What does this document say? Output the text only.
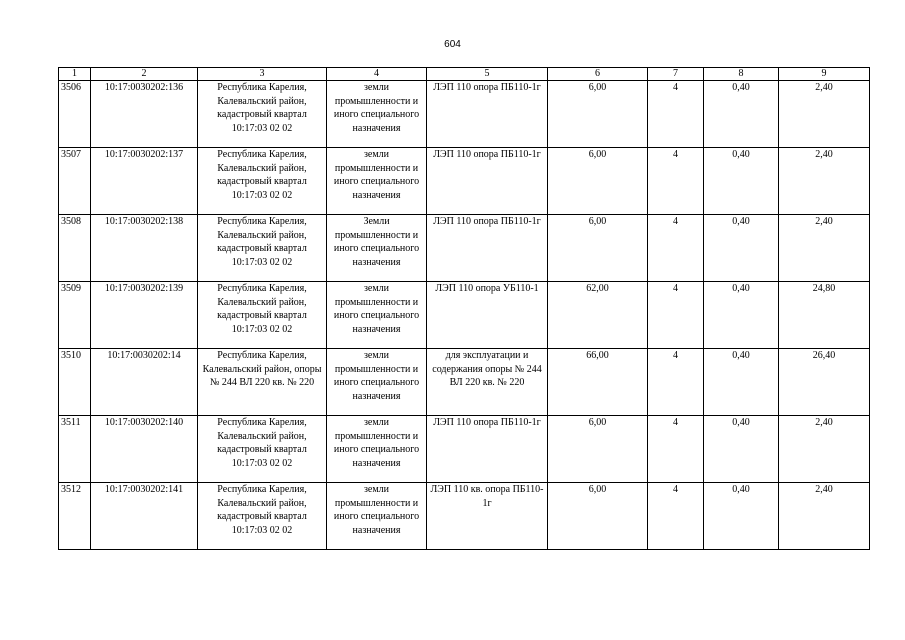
604
1	2	3	4	5	6	7	8	9
3506	10:17:0030202:136	Республика Карелия, Калевальский район, кадастровый квартал 10:17:03 02 02	земли промышленности и иного специального назначения	ЛЭП 110 опора ПБ110-1г	6,00	4	0,40	2,40
3507	10:17:0030202:137	Республика Карелия, Калевальский район, кадастровый квартал 10:17:03 02 02	земли промышленности и иного специального назначения	ЛЭП 110 опора ПБ110-1г	6,00	4	0,40	2,40
3508	10:17:0030202:138	Республика Карелия, Калевальский район, кадастровый квартал 10:17:03 02 02	Земли промышленности и иного специального назначения	ЛЭП 110 опора ПБ110-1г	6,00	4	0,40	2,40
3509	10:17:0030202:139	Республика Карелия, Калевальский район, кадастровый квартал 10:17:03 02 02	земли промышленности и иного специального назначения	ЛЭП 110 опора УБ110-1	62,00	4	0,40	24,80
3510	10:17:0030202:14	Республика Карелия, Калевальский район, опоры № 244 ВЛ 220 кв. № 220	земли промышленности и иного специального назначения	для эксплуатации и содержания опоры № 244 ВЛ 220 кв. № 220	66,00	4	0,40	26,40
3511	10:17:0030202:140	Республика Карелия, Калевальский район, кадастровый квартал 10:17:03 02 02	земли промышленности и иного специального назначения	ЛЭП 110 опора ПБ110-1г	6,00	4	0,40	2,40
3512	10:17:0030202:141	Республика Карелия, Калевальский район, кадастровый квартал 10:17:03 02 02	земли промышленности и иного специального назначения	ЛЭП 110 кв. опора ПБ110-1г	6,00	4	0,40	2,40
